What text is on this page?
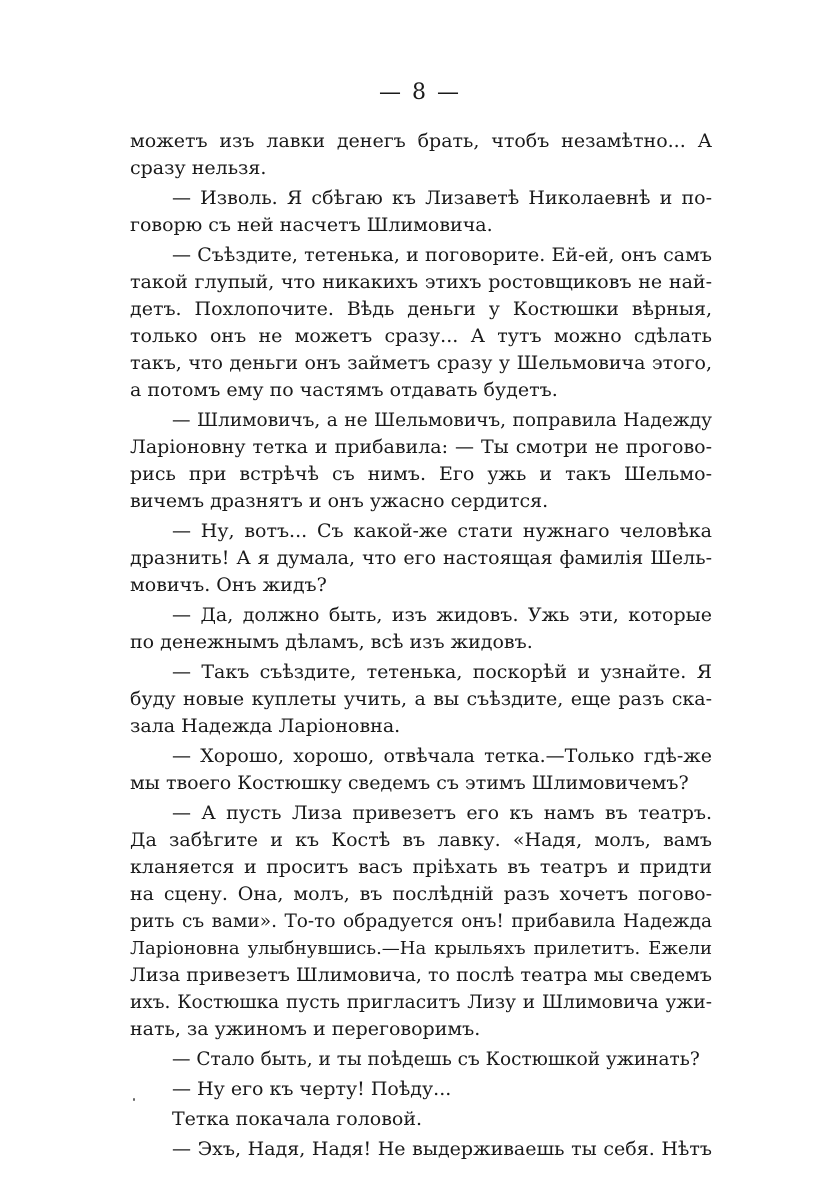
— 8 —
можетъ изъ лавки денегъ брать, чтобъ незамѣтно... А
сразу нельзя.
— Изволь. Я сбѣгаю къ Лизаветѣ Николаевнѣ и по-
говорю съ ней насчетъ Шлимовича.
— Съѣздите, тетенька, и поговорите. Ей-ей, онъ самъ
такой глупый, что никакихъ этихъ ростовщиковъ не най-
детъ. Похлопочите. Вѣдь деньги у Костюшки вѣрныя,
только онъ не можетъ сразу... А тутъ можно сдѣлать
такъ, что деньги онъ займетъ сразу у Шельмовича этого,
а потомъ ему по частямъ отдавать будетъ.
— Шлимовичъ, а не Шельмовичъ, поправила Надежду
Ларіоновну тетка и прибавила: — Ты смотри не прогово-
рись при встрѣчѣ съ нимъ. Его ужь и такъ Шельмо-
вичемъ дразнятъ и онъ ужасно сердится.
— Ну, вотъ... Съ какой-же стати нужнаго человѣка
дразнить! А я думала, что его настоящая фамилія Шель-
мовичъ. Онъ жидъ?
— Да, должно быть, изъ жидовъ. Ужь эти, которые
по денежнымъ дѣламъ, всѣ изъ жидовъ.
— Такъ съѣздите, тетенька, поскорѣй и узнайте. Я
буду новые куплеты учить, а вы съѣздите, еще разъ ска-
зала Надежда Ларіоновна.
— Хорошо, хорошо, отвѣчала тетка.—Только гдѣ-же
мы твоего Костюшку сведемъ съ этимъ Шлимовичемъ?
— А пусть Лиза привезетъ его къ намъ въ театръ.
Да забѣгите и къ Костѣ въ лавку. «Надя, молъ, вамъ
кланяется и проситъ васъ пріѣхать въ театръ и придти
на сцену. Она, молъ, въ послѣдній разъ хочетъ погово-
рить съ вами». То-то обрадуется онъ! прибавила Надежда
Ларіоновна улыбнувшись.—На крыльяхъ прилетитъ. Ежели
Лиза привезетъ Шлимовича, то послѣ театра мы сведемъ
ихъ. Костюшка пусть пригласитъ Лизу и Шлимовича ужи-
нать, за ужиномъ и переговоримъ.
— Стало быть, и ты поѣдешь съ Костюшкой ужинать?
— Ну его къ черту! Поѣду...
Тетка покачала головой.
— Эхъ, Надя, Надя! Не выдерживаешь ты себя. Нѣтъ
